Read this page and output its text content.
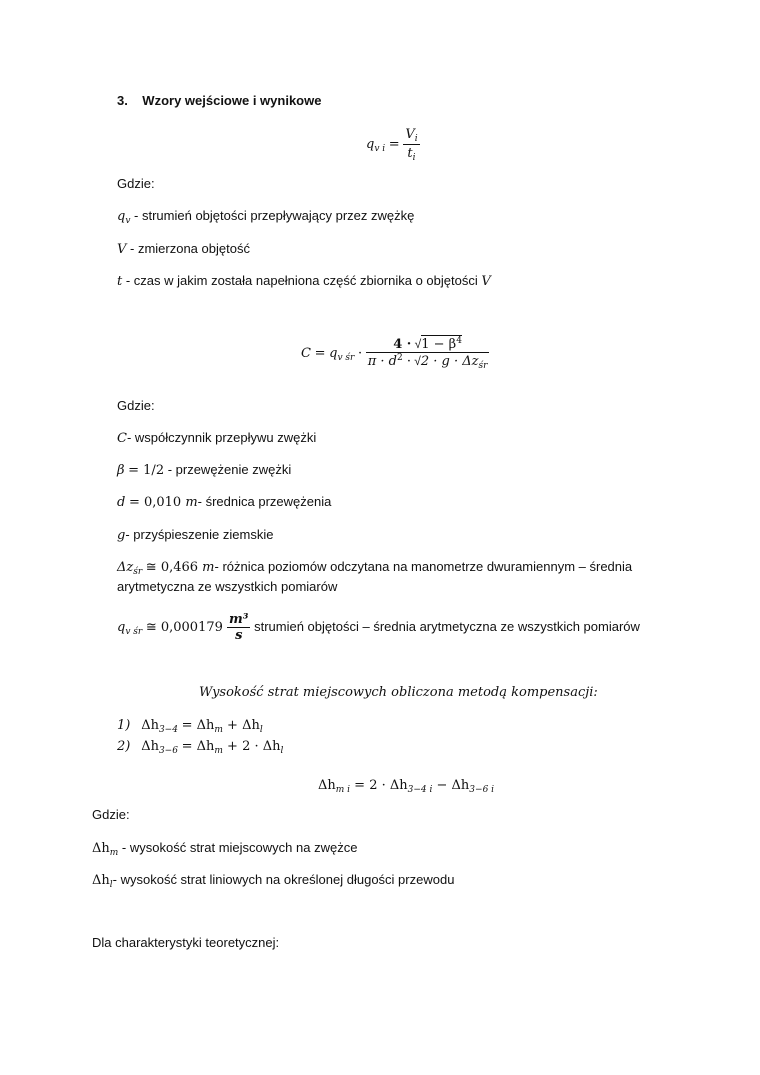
3. Wzory wejściowe i wynikowe
$q_{v i} = \frac{V_i}{t_i}$
Gdzie:
$q_v$ - strumień objętości przepływający przez zwężkę
V - zmierzona objętość
t - czas w jakim została napełniona część zbiornika o objętości V
$C = q_{v śr} \cdot \frac{4 \cdot √1 - \beta^4}{\pi \cdot d^2 \cdot √2 \cdot g \cdot \Delta z_{śr}}$
Gdzie:
C- współczynnik przepływu zwężki
β = 1/2 - przewężenie zwężki
d = 0,010 m- średnica przewężenia
g- przyśpieszenie ziemskie
$\Delta z_{śr}$ ≅ 0,466 m- różnica poziomów odczytana na manometrze dwuramiennym – średnia
arytmetyczna ze wszystkich pomiarów
$q_{v śr}$ ≅ $0,000179 \frac{\text{m³}}{s}$ strumień objętości – średnia arytmetyczna ze wszystkich pomiarów
Wysokość strat miejscowych obliczona metodą kompensacji:
1) $\Delta h_{3-4} = \Delta h_m + \Delta h_l$
2) $\Delta h_{3-6} = \Delta h_m + 2 \cdot \Delta h_l$
$\Delta h_{m i} = 2 \cdot \Delta h_{3-4 i} - \Delta h_{3-6 i}$
Gdzie:
$\Delta h_m$ - wysokość strat miejscowych na zwężce
$\Delta h_l-$ wysokość strat liniowych na określonej długości przewodu
Dla charakterystyki teoretycznej:
